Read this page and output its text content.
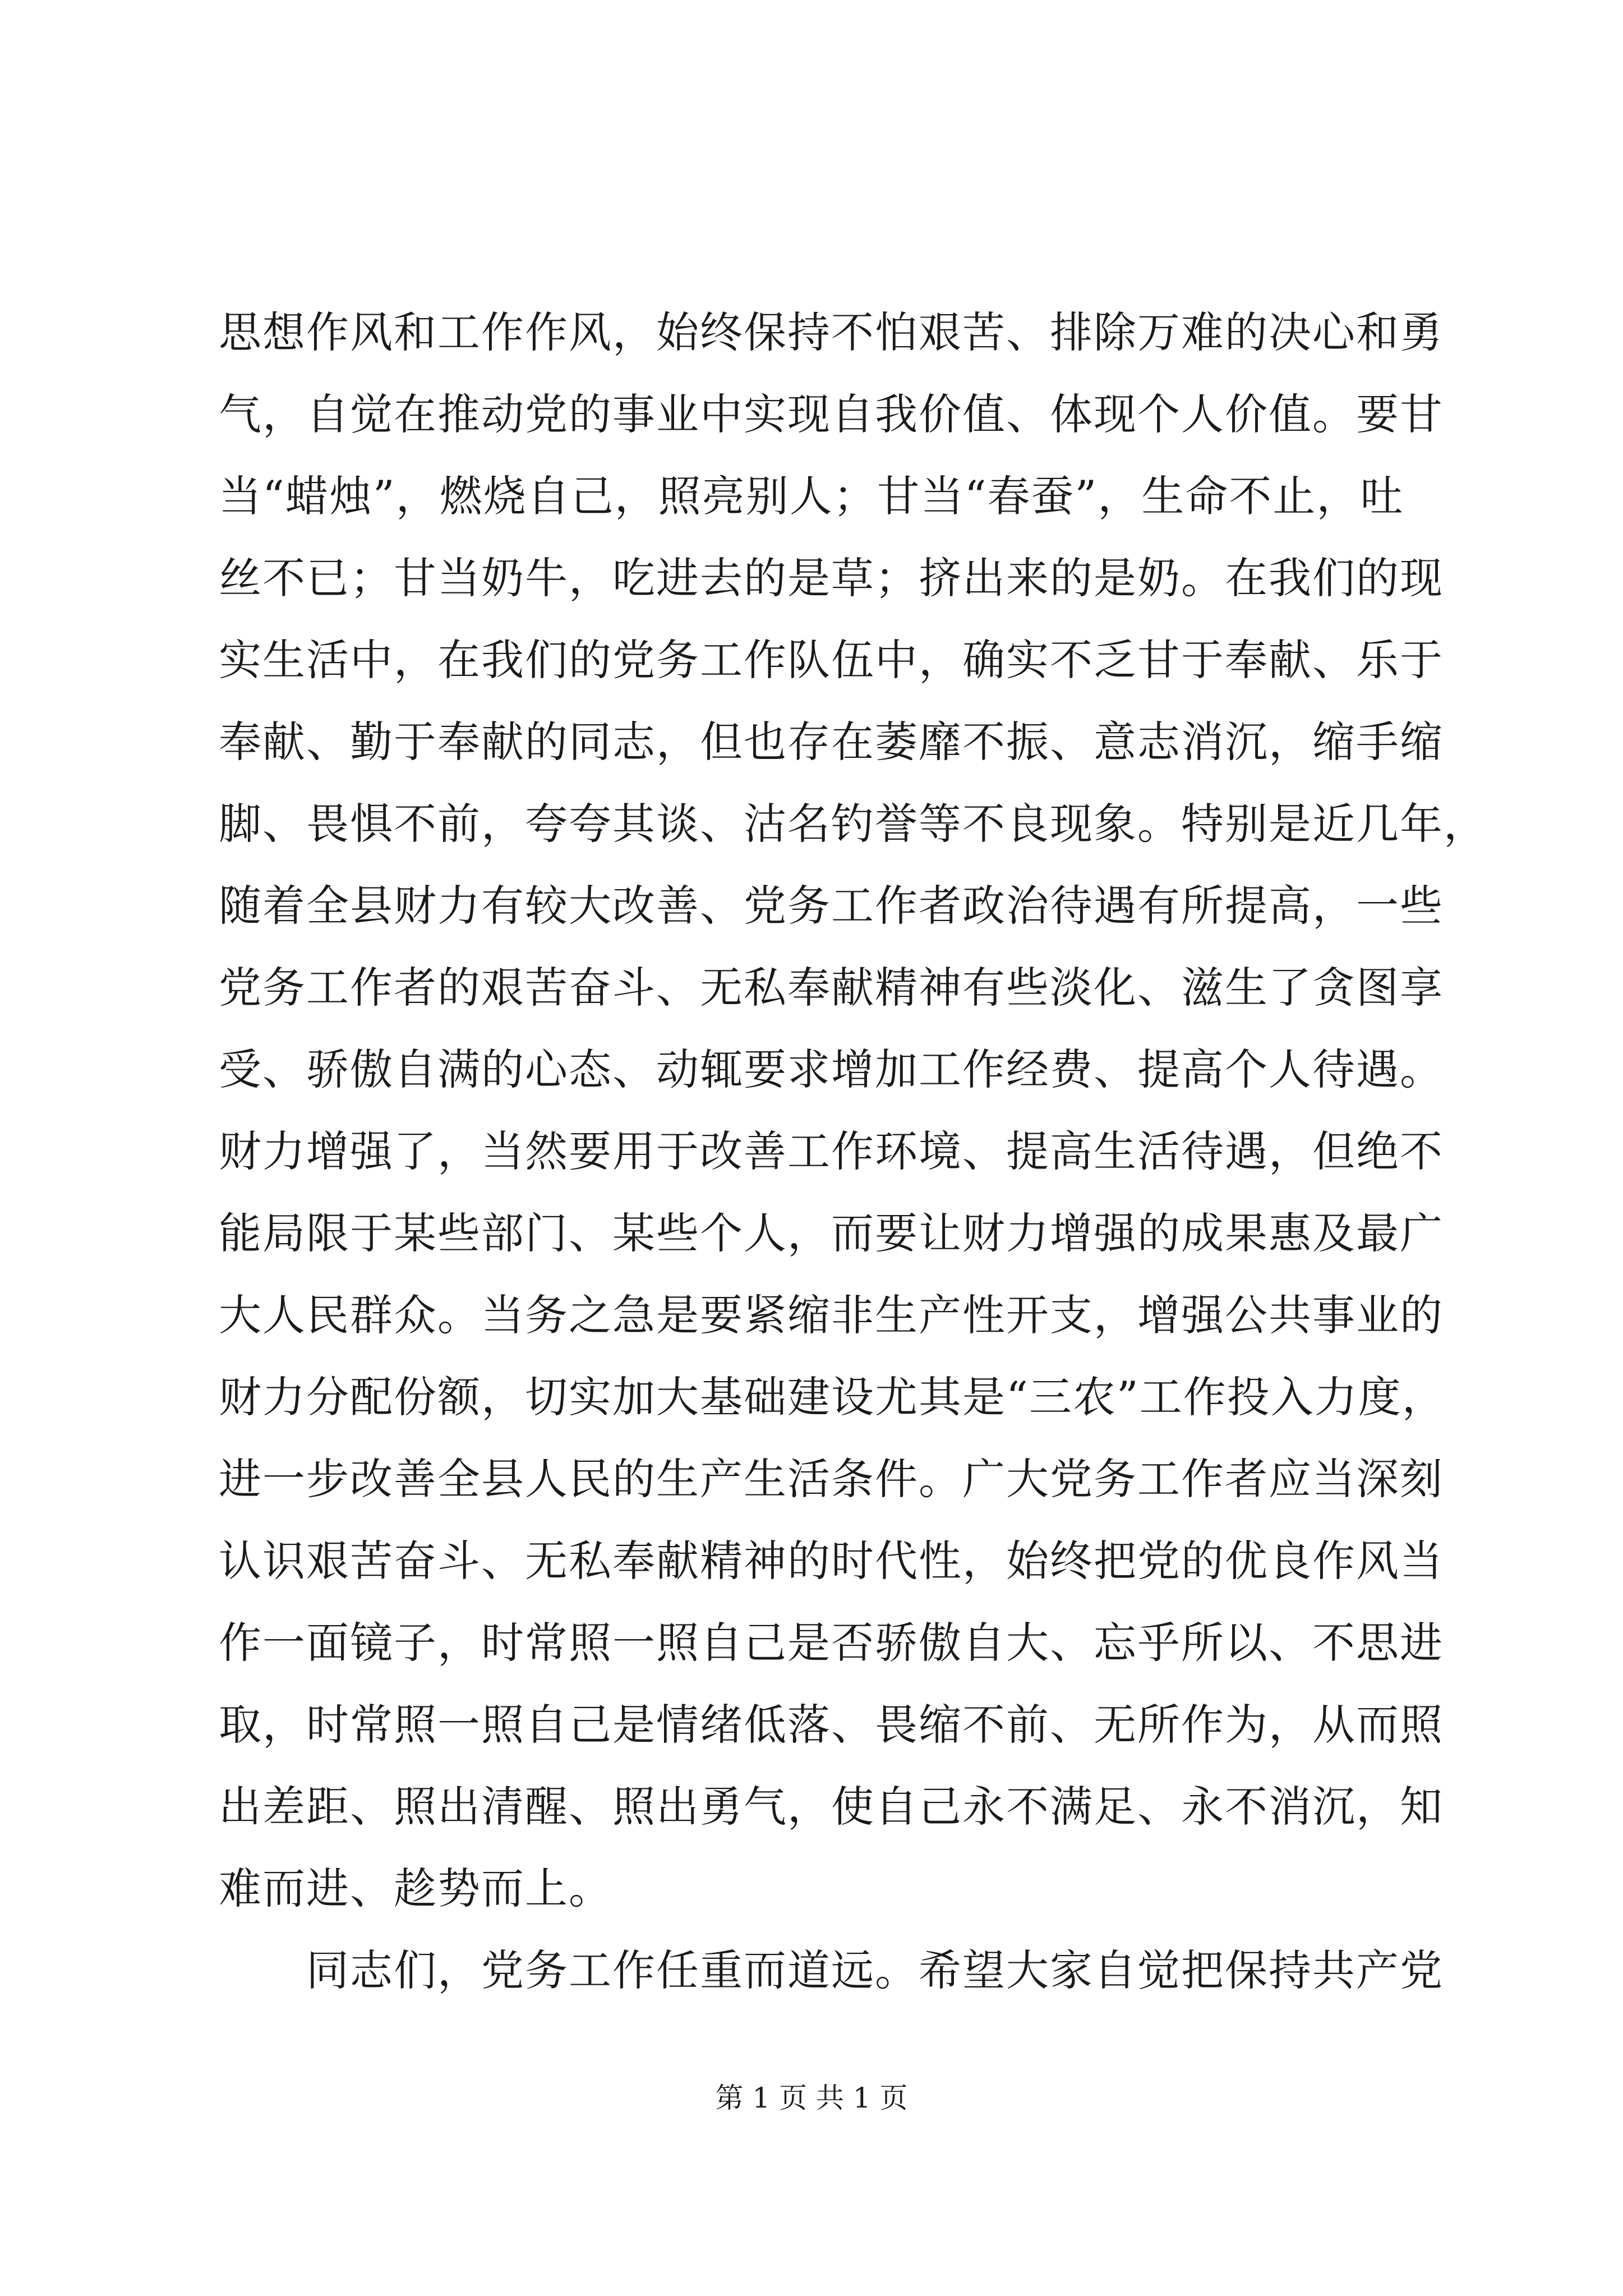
思想作风和工作作风，始终保持不怕艰苦、排除万难的决心和勇
气，自觉在推动党的事业中实现自我价值、体现个人价值。要甘
当“蜡烛”，燃烧自己，照亮别人；甘当“春蚕”，生命不止，吐
丝不已；甘当奶牛，吃进去的是草；挤出来的是奶。在我们的现
实生活中，在我们的党务工作队伍中，确实不乏甘于奉献、乐于
奉献、勤于奉献的同志，但也存在萎靡不振、意志消沉，缩手缩
脚、畏惧不前，夸夸其谈、沽名钓誉等不良现象。特别是近几年，
随着全县财力有较大改善、党务工作者政治待遇有所提高，一些
党务工作者的艰苦奋斗、无私奉献精神有些淡化、滋生了贪图享
受、骄傲自满的心态、动辄要求增加工作经费、提高个人待遇。
财力增强了，当然要用于改善工作环境、提高生活待遇，但绝不
能局限于某些部门、某些个人，而要让财力增强的成果惠及最广
大人民群众。当务之急是要紧缩非生产性开支，增强公共事业的
财力分配份额，切实加大基础建设尤其是“三农”工作投入力度，
进一步改善全县人民的生产生活条件。广大党务工作者应当深刻
认识艰苦奋斗、无私奉献精神的时代性，始终把党的优良作风当
作一面镜子，时常照一照自己是否骄傲自大、忘乎所以、不思进
取，时常照一照自己是情绪低落、畏缩不前、无所作为，从而照
出差距、照出清醒、照出勇气，使自己永不满足、永不消沉，知
难而进、趁势而上。
同志们，党务工作任重而道远。希望大家自觉把保持共产党
第 1 页 共 1 页
